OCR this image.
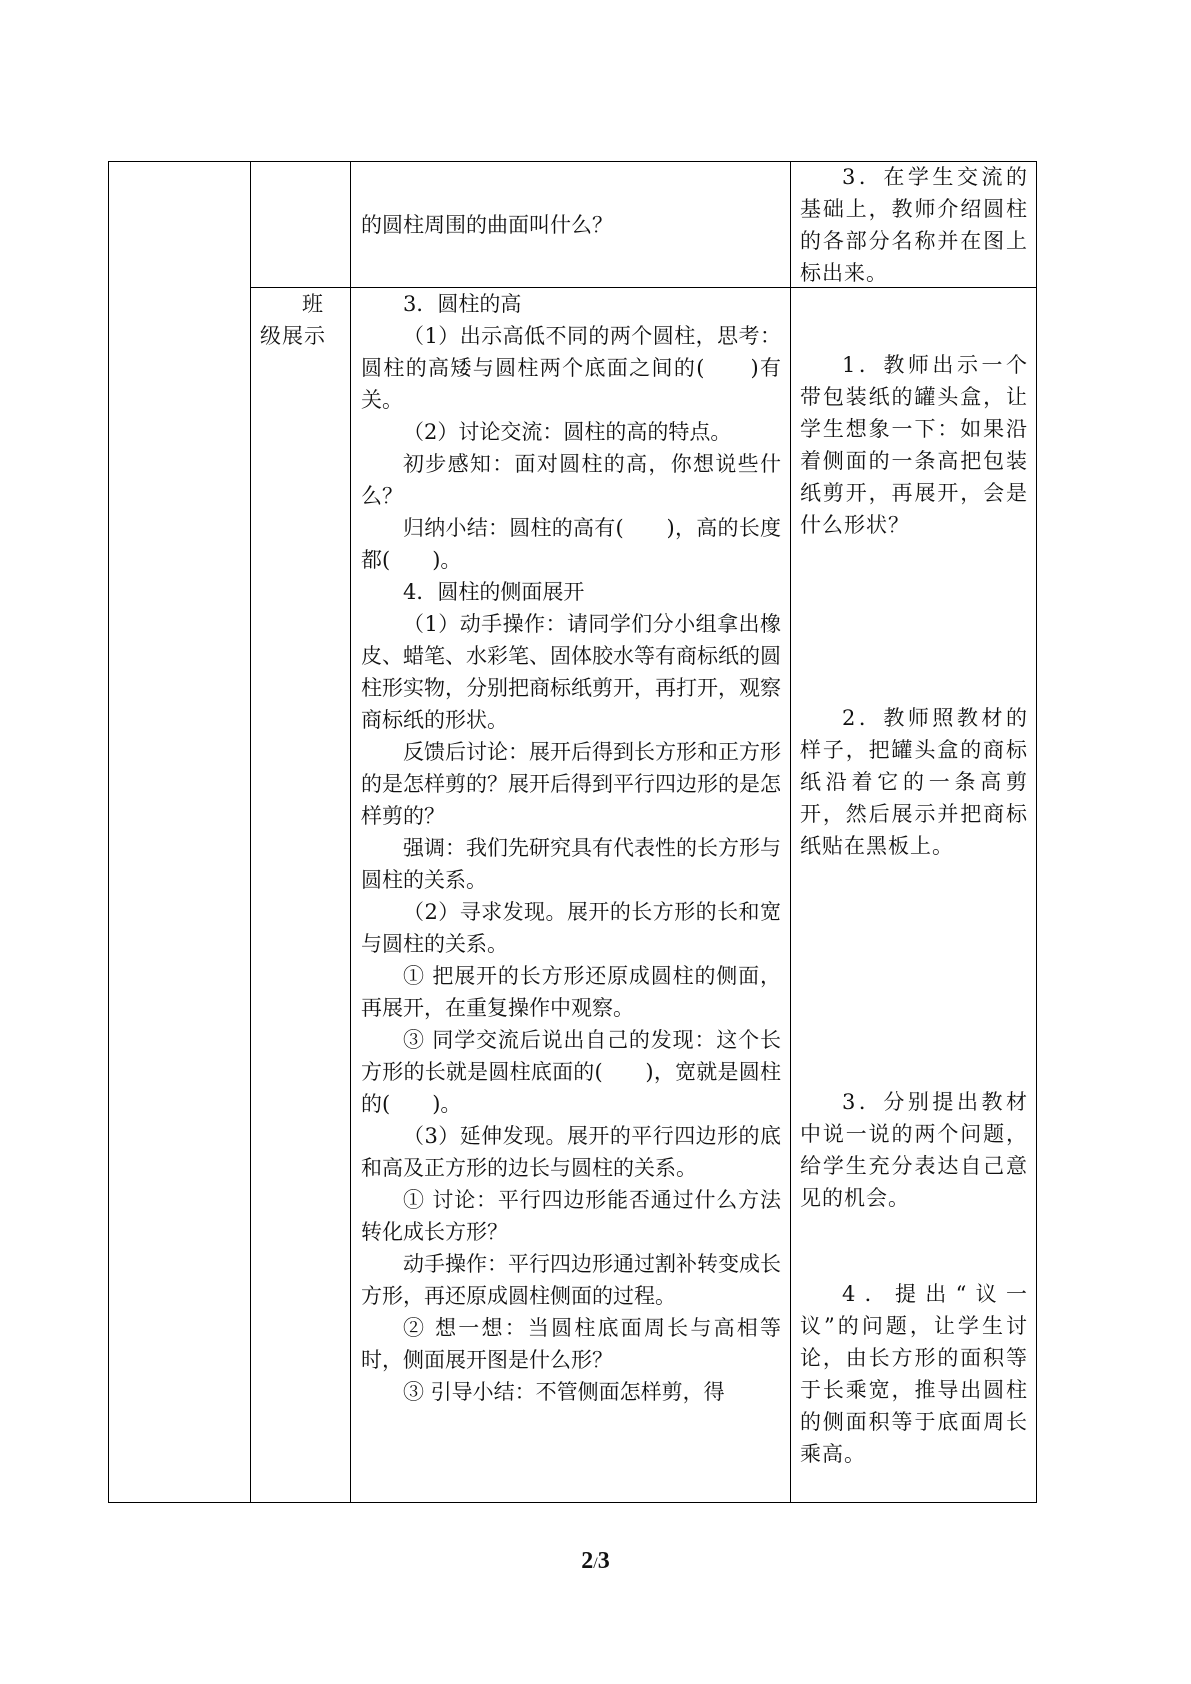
的圆柱周围的曲面叫什么？

3．在学生交流的基础上，教师介绍圆柱的各部分名称并在图上标出来。

班级展示

3．圆柱的高

（1）出示高低不同的两个圆柱，思考：圆柱的高矮与圆柱两个底面之间的(　　)有关。

（2）讨论交流：圆柱的高的特点。

初步感知：面对圆柱的高，你想说些什么？

归纳小结：圆柱的高有(　　)，高的长度都(　　)。

4．圆柱的侧面展开

（1）动手操作：请同学们分小组拿出橡皮、蜡笔、水彩笔、固体胶水等有商标纸的圆柱形实物，分别把商标纸剪开，再打开，观察商标纸的形状。

反馈后讨论：展开后得到长方形和正方形的是怎样剪的？展开后得到平行四边形的是怎样剪的？

强调：我们先研究具有代表性的长方形与圆柱的关系。

（2）寻求发现。展开的长方形的长和宽与圆柱的关系。

① 把展开的长方形还原成圆柱的侧面，再展开，在重复操作中观察。

③ 同学交流后说出自己的发现：这个长方形的长就是圆柱底面的(　　)，宽就是圆柱的(　　)。

（3）延伸发现。展开的平行四边形的底和高及正方形的边长与圆柱的关系。

① 讨论：平行四边形能否通过什么方法转化成长方形？

动手操作：平行四边形通过割补转变成长方形，再还原成圆柱侧面的过程。

② 想一想：当圆柱底面周长与高相等时，侧面展开图是什么形？

③ 引导小结：不管侧面怎样剪，得

1．教师出示一个带包装纸的罐头盒，让学生想象一下：如果沿着侧面的一条高把包装纸剪开，再展开，会是什么形状？

2．教师照教材的样子，把罐头盒的商标纸沿着它的一条高剪开，然后展示并把商标纸贴在黑板上。

3．分别提出教材中说一说的两个问题，给学生充分表达自己意见的机会。

4．提出“议一议”的问题，让学生讨论，由长方形的面积等于长乘宽，推导出圆柱的侧面积等于底面周长乘高。

2/3
